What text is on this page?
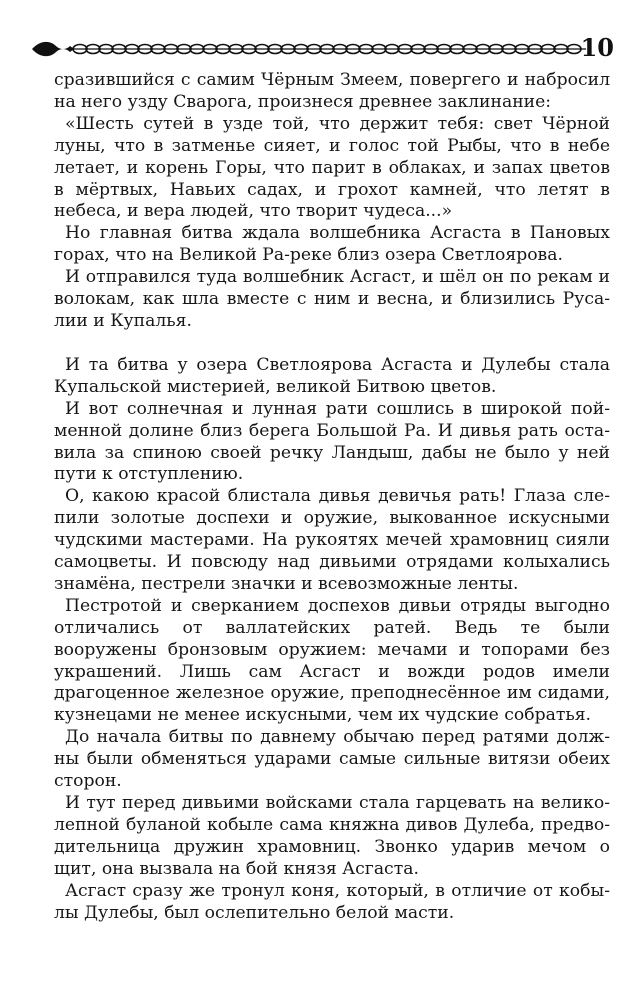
10

сразившийся с самим Чёрным Змеем, повергего и набросил на него узду Сварога, произнеся древнее заклинание:

«Шесть сутей в узде той, что держит тебя: свет Чёрной луны, что в затменье сияет, и голос той Рыбы, что в небе летает, и корень Горы, что парит в облаках, и запах цветов в мёртвых, Навьих садах, и грохот камней, что летят в небеса, и вера людей, что творит чудеса...»

Но главная битва ждала волшебника Асгаста в Пановых горах, что на Великой Ра-реке близ озера Светлоярова.

И отправился туда волшебник Асгаст, и шёл он по рекам и волокам, как шла вместе с ним и весна, и близились Русалии и Купалья.

И та битва у озера Светлоярова Асгаста и Дулебы стала Купальской мистерией, великой Битвою цветов.

И вот солнечная и лунная рати сошлись в широкой пойменной долине близ берега Большой Ра. И дивья рать оставила за спиною своей речку Ландыш, дабы не было у ней пути к отступлению.

О, какою красой блистала дивья девичья рать! Глаза слепили золотые доспехи и оружие, выкованное искусными чудскими мастерами. На рукоятях мечей храмовниц сияли самоцветы. И повсюду над дивьими отрядами колыхались знамёна, пестрели значки и всевозможные ленты.

Пестротой и сверканием доспехов дивьи отряды выгодно отличались от валлатейских ратей. Ведь те были вооружены бронзовым оружием: мечами и топорами без украшений. Лишь сам Асгаст и вожди родов имели драгоценное железное оружие, преподнесённое им сидами, кузнецами не менее искусными, чем их чудские собратья.

До начала битвы по давнему обычаю перед ратями должны были обменяться ударами самые сильные витязи обеих сторон.

И тут перед дивьими войсками стала гарцевать на великолепной буланой кобыле сама княжна дивов Дулеба, предводительница дружин храмовниц. Звонко ударив мечом о щит, она вызвала на бой князя Асгаста.

Асгаст сразу же тронул коня, который, в отличие от кобылы Дулебы, был ослепительно белой масти.
